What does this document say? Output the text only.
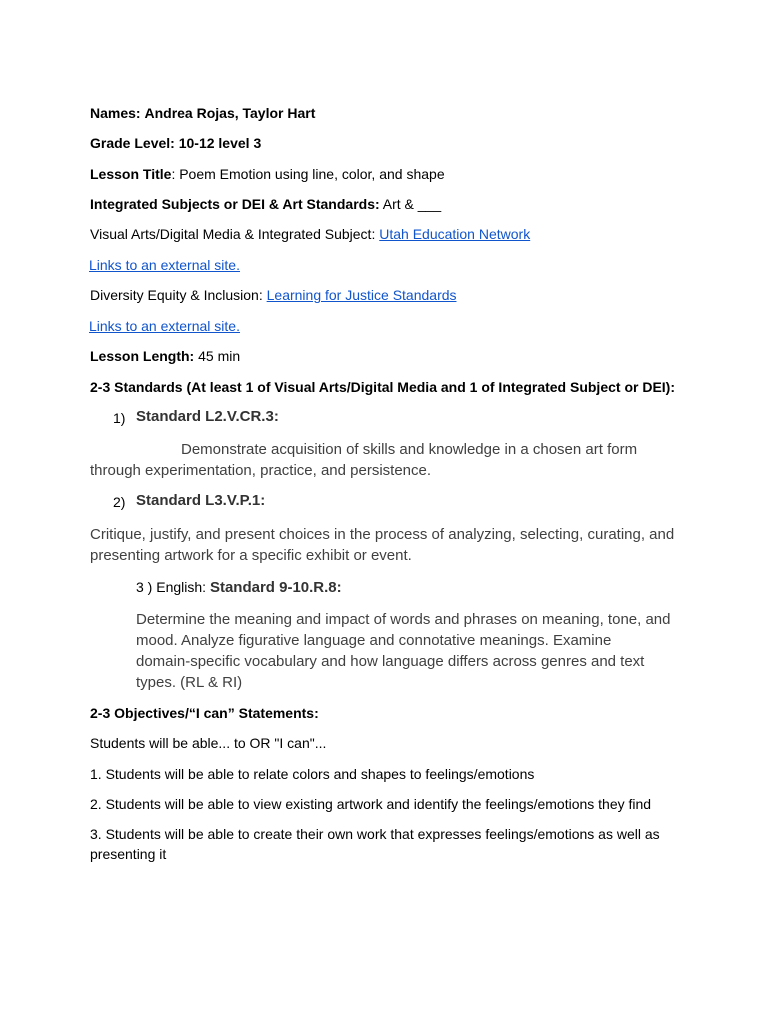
Names: Andrea Rojas, Taylor Hart
Grade Level: 10-12 level 3
Lesson Title: Poem Emotion using line, color, and shape
Integrated Subjects or DEI & Art Standards: Art & ___
Visual Arts/Digital Media & Integrated Subject: Utah Education Network
Links to an external site.
Diversity Equity & Inclusion: Learning for Justice Standards
Links to an external site.
Lesson Length: 45 min
2-3 Standards (At least 1 of Visual Arts/Digital Media and 1 of Integrated Subject or DEI):
1) Standard L2.V.CR.3:
Demonstrate acquisition of skills and knowledge in a chosen art form
through experimentation, practice, and persistence.
2) Standard L3.V.P.1:
Critique, justify, and present choices in the process of analyzing, selecting, curating, and
presenting artwork for a specific exhibit or event.
3 ) English: Standard 9-10.R.8:
Determine the meaning and impact of words and phrases on meaning, tone, and
mood. Analyze figurative language and connotative meanings. Examine
domain-specific vocabulary and how language differs across genres and text
types. (RL & RI)
2-3 Objectives/“I can” Statements:
Students will be able... to OR "I can"...
1. Students will be able to relate colors and shapes to feelings/emotions
2. Students will be able to view existing artwork and identify the feelings/emotions they find
3. Students will be able to create their own work that expresses feelings/emotions as well as
presenting it
